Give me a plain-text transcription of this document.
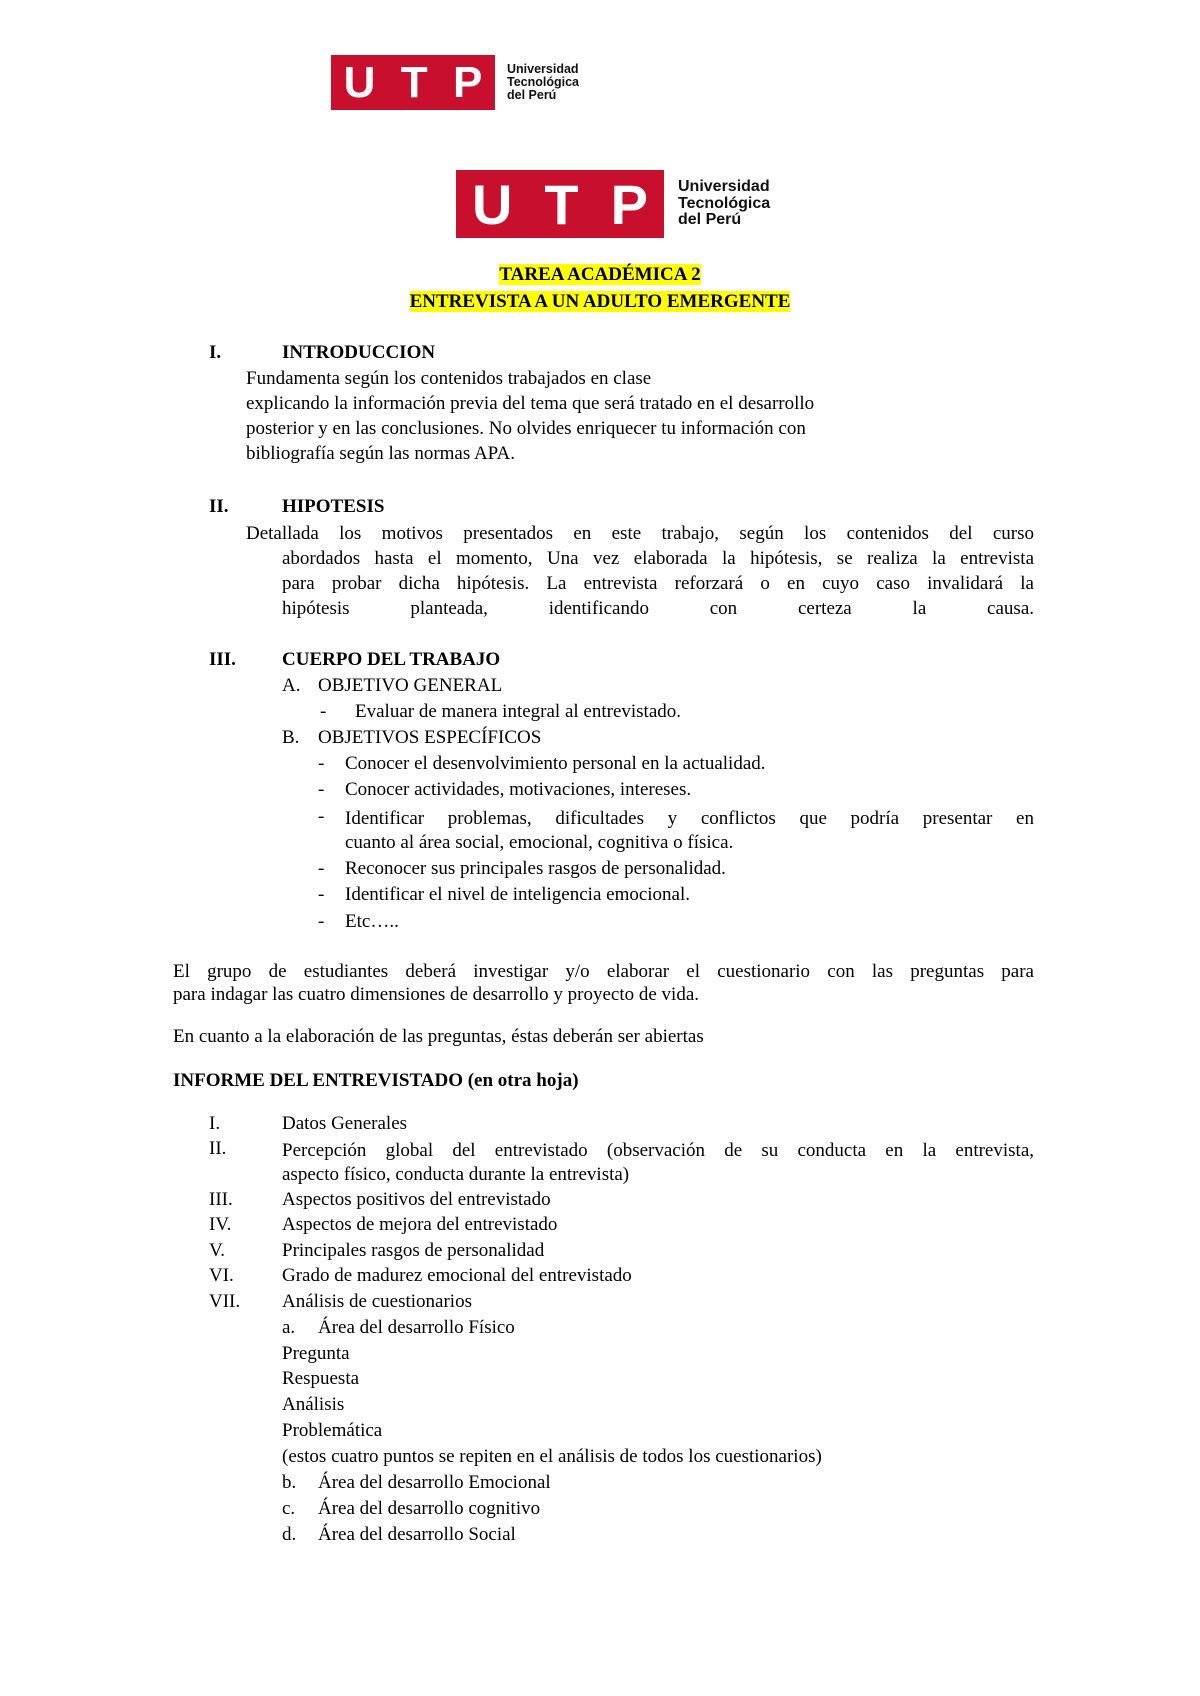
U T P Universidad
Tecnológica
del Perú
U T P Universidad
Tecnológica
del Perú
TAREA ACADÉMICA 2
ENTREVISTA A UN ADULTO EMERGENTE
I.	INTRODUCCION
Fundamenta según los contenidos trabajados en clase
explicando la información previa del tema que será tratado en el desarrollo
posterior y en las conclusiones. No olvides enriquecer tu información con
bibliografía según las normas APA.
II.	HIPOTESIS
Detallada los motivos presentados en este trabajo, según los contenidos del curso
abordados hasta el momento, Una vez elaborada la hipótesis, se realiza la entrevista
para probar dicha hipótesis. La entrevista reforzará o en cuyo caso invalidará la
hipótesis planteada, identificando con certeza la causa.
III. CUERPO DEL TRABAJO
A. OBJETIVO GENERAL
- Evaluar de manera integral al entrevistado.
B. OBJETIVOS ESPECÍFICOS
- Conocer el desenvolvimiento personal en la actualidad.
- Conocer actividades, motivaciones, intereses.
- Identificar problemas, dificultades y conflictos que podría presentar en
cuanto al área social, emocional, cognitiva o física.
- Reconocer sus principales rasgos de personalidad.
- Identificar el nivel de inteligencia emocional.
- Etc…..
El grupo de estudiantes deberá investigar y/o elaborar el cuestionario con las preguntas para
para indagar las cuatro dimensiones de desarrollo y proyecto de vida.
En cuanto a la elaboración de las preguntas, éstas deberán ser abiertas
INFORME DEL ENTREVISTADO (en otra hoja)
I.	Datos Generales
II.	Percepción global del entrevistado (observación de su conducta en la entrevista,
aspecto físico, conducta durante la entrevista)
III.	Aspectos positivos del entrevistado
IV.	Aspectos de mejora del entrevistado
V.	Principales rasgos de personalidad
VI.	Grado de madurez emocional del entrevistado
VII. Análisis de cuestionarios
a. Área del desarrollo Físico
Pregunta
Respuesta
Análisis
Problemática
(estos cuatro puntos se repiten en el análisis de todos los cuestionarios)
b. Área del desarrollo Emocional
c. Área del desarrollo cognitivo
d. Área del desarrollo Social
